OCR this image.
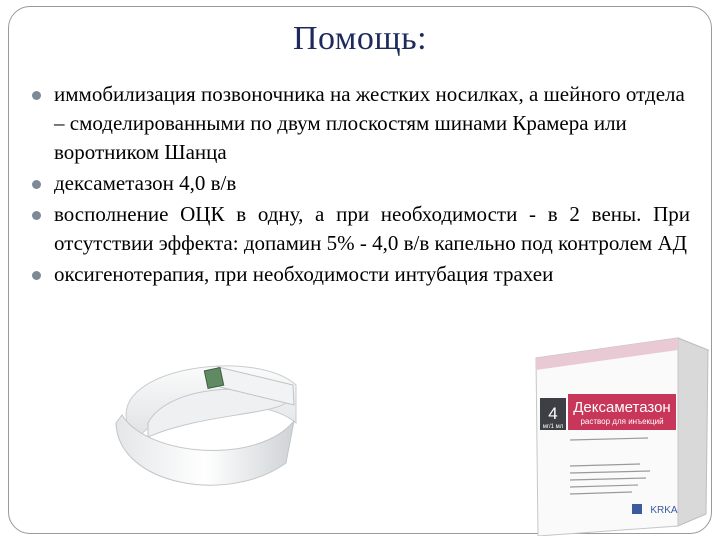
Помощь:
иммобилизация позвоночника на жестких носилках, а шейного отдела – смоделированными по двум плоскостям шинами Крамера или воротником Шанца
дексаметазон 4,0 в/в
восполнение ОЦК в одну, а при необходимости - в 2 вены. При отсутствии эффекта: допамин 5% - 4,0 в/в капельно под контролем АД
оксигенотерапия, при необходимости интубация трахеи
4
мг/1 мл
Дексаметазон
раствор для инъекций
KRKA
